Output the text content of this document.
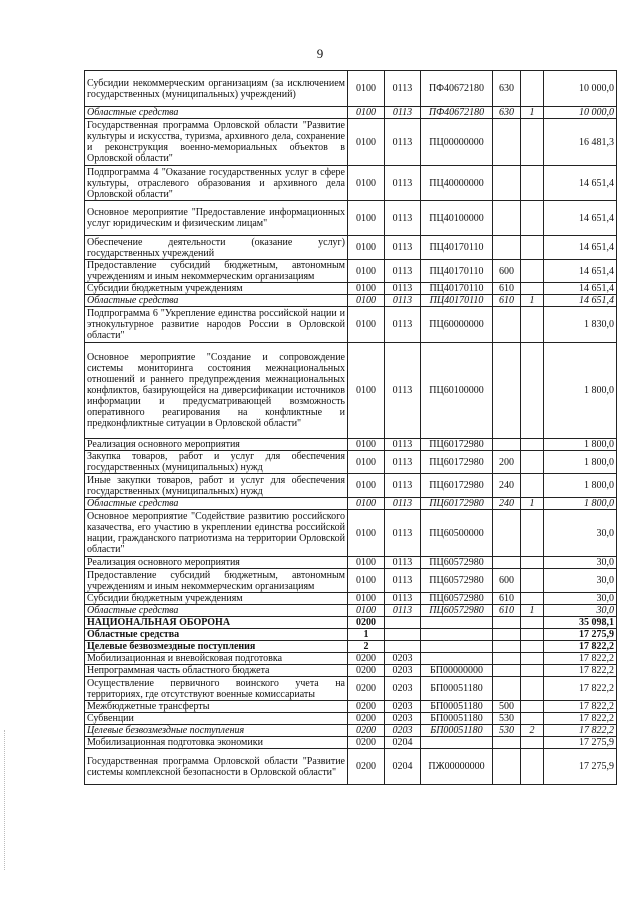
9
Субсидии некоммерческим организациям (за исключением государственных (муниципальных) учреждений)	0100	0113	ПФ40672180	630		10 000,0
Областные средства	0100	0113	ПФ40672180	630	1	10 000,0
Государственная программа Орловской области "Развитие культуры и искусства, туризма, архивного дела, сохранение и реконструкция военно-мемориальных объектов в Орловской области"	0100	0113	ПЦ00000000			16 481,3
Подпрограмма 4 "Оказание государственных услуг в сфере культуры, отраслевого образования и архивного дела Орловской области"	0100	0113	ПЦ40000000			14 651,4
Основное мероприятие "Предоставление информационных услуг юридическим и физическим лицам"	0100	0113	ПЦ40100000			14 651,4
Обеспечение деятельности (оказание услуг) государственных учреждений	0100	0113	ПЦ40170110			14 651,4
Предоставление субсидий бюджетным, автономным учреждениям и иным некоммерческим организациям	0100	0113	ПЦ40170110	600		14 651,4
Субсидии бюджетным учреждениям	0100	0113	ПЦ40170110	610		14 651,4
Областные средства	0100	0113	ПЦ40170110	610	1	14 651,4
Подпрограмма 6 "Укрепление единства российской нации и этнокультурное развитие народов России в Орловской области"	0100	0113	ПЦ60000000			1 830,0
Основное мероприятие "Создание и сопровождение системы мониторинга состояния межнациональных отношений и раннего предупреждения межнациональных конфликтов, базирующейся на диверсификации источников информации и предусматривающей возможность оперативного реагирования на конфликтные и предконфликтные ситуации в Орловской области"	0100	0113	ПЦ60100000			1 800,0
Реализация основного мероприятия	0100	0113	ПЦ60172980			1 800,0
Закупка товаров, работ и услуг для обеспечения государственных (муниципальных) нужд	0100	0113	ПЦ60172980	200		1 800,0
Иные закупки товаров, работ и услуг для обеспечения государственных (муниципальных) нужд	0100	0113	ПЦ60172980	240		1 800,0
Областные средства	0100	0113	ПЦ60172980	240	1	1 800,0
Основное мероприятие "Содействие развитию российского казачества, его участию в укреплении единства российской нации, гражданского патриотизма на территории Орловской области"	0100	0113	ПЦ60500000			30,0
Реализация основного мероприятия	0100	0113	ПЦ60572980			30,0
Предоставление субсидий бюджетным, автономным учреждениям и иным некоммерческим организациям	0100	0113	ПЦ60572980	600		30,0
Субсидии бюджетным учреждениям	0100	0113	ПЦ60572980	610		30,0
Областные средства	0100	0113	ПЦ60572980	610	1	30,0
НАЦИОНАЛЬНАЯ ОБОРОНА	0200					35 098,1
Областные средства	1					17 275,9
Целевые безвозмездные поступления	2					17 822,2
Мобилизационная и вневойсковая подготовка	0200	0203				17 822,2
Непрограммная часть областного бюджета	0200	0203	БП00000000			17 822,2
Осуществление первичного воинского учета на территориях, где отсутствуют военные комиссариаты	0200	0203	БП00051180			17 822,2
Межбюджетные трансферты	0200	0203	БП00051180	500		17 822,2
Субвенции	0200	0203	БП00051180	530		17 822,2
Целевые безвозмездные поступления	0200	0203	БП00051180	530	2	17 822,2
Мобилизационная подготовка экономики	0200	0204				17 275,9
Государственная программа Орловской области "Развитие системы комплексной безопасности в Орловской области"	0200	0204	ПЖ00000000			17 275,9
